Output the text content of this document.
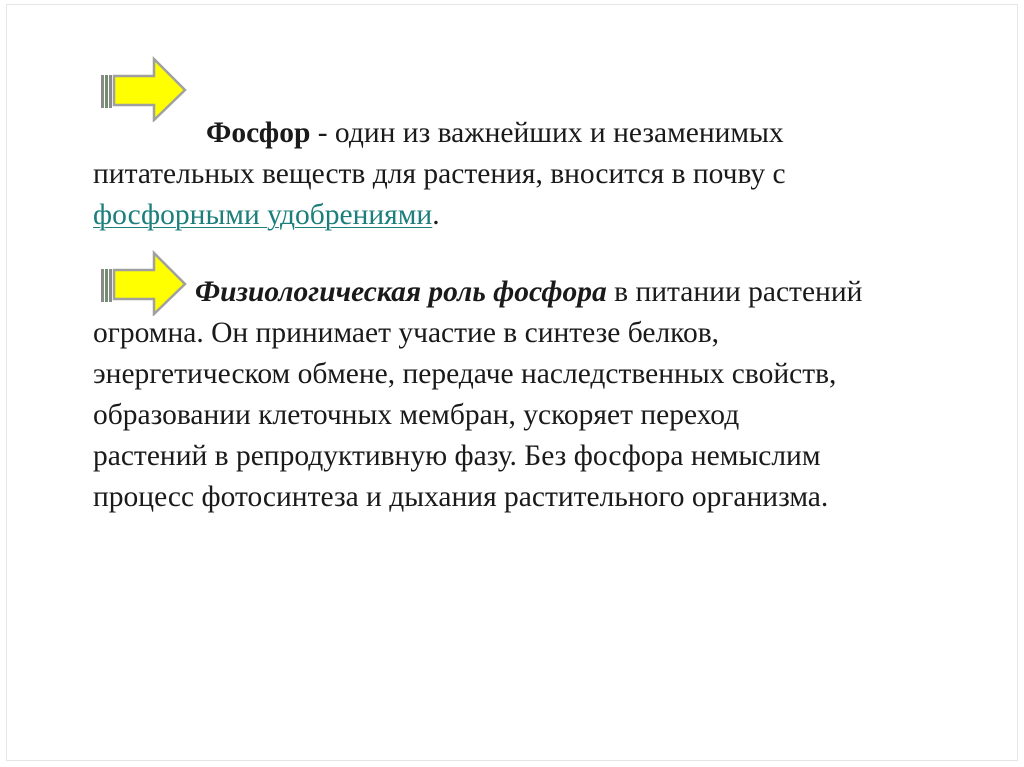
Фосфор - один из важнейших и незаменимых
питательных веществ для растения, вносится в почву с
фосфорными удобрениями.

Физиологическая роль фосфора в питании растений
огромна. Он принимает участие в синтезе белков,
энергетическом обмене, передаче наследственных свойств,
образовании клеточных мембран, ускоряет переход
растений в репродуктивную фазу. Без фосфора немыслим
процесс фотосинтеза и дыхания растительного организма.
